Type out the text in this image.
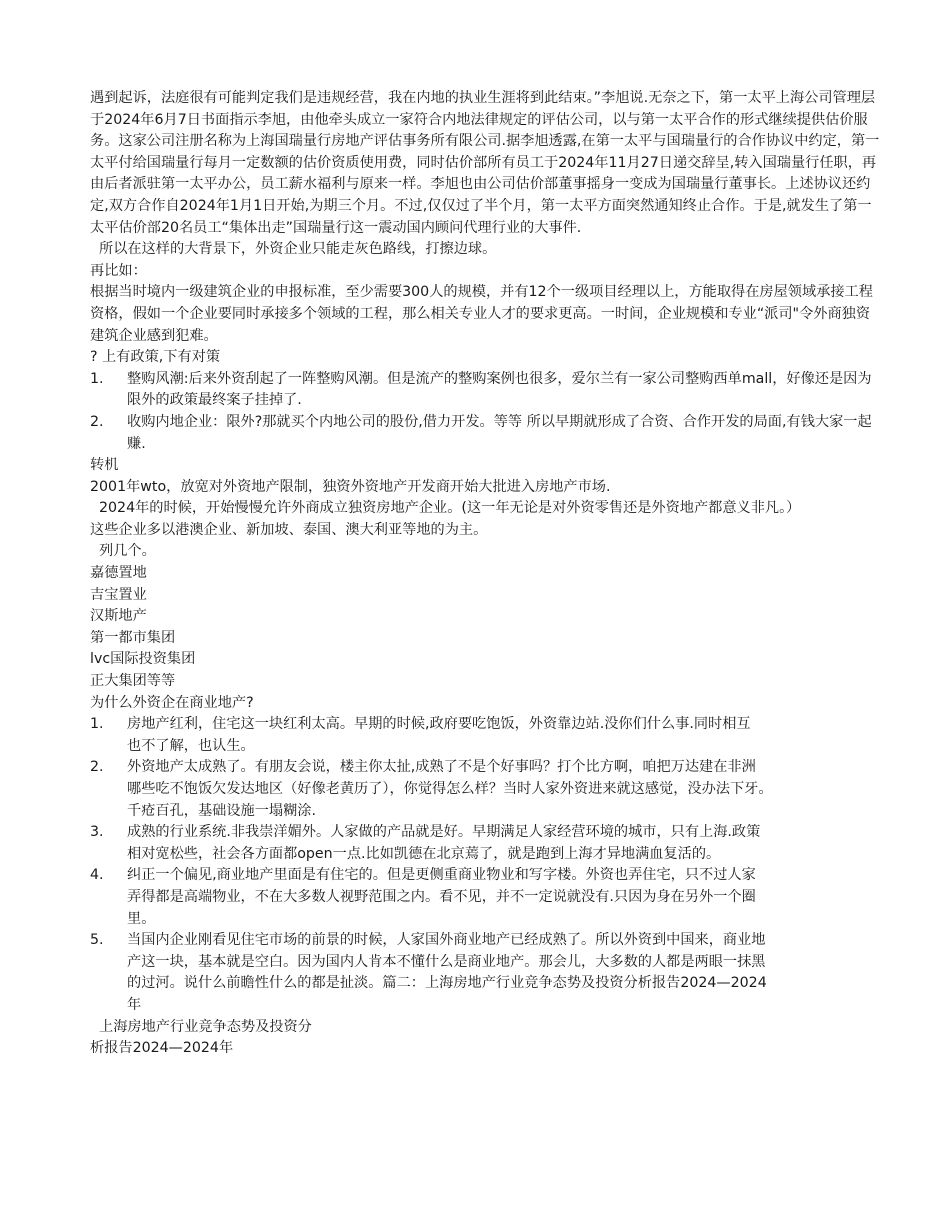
遇到起诉，法庭很有可能判定我们是违规经营，我在内地的执业生涯将到此结束。”李旭说.无奈之下，第一太平上海公司管理层于2024年6月7日书面指示李旭，由他牵头成立一家符合内地法律规定的评估公司，以与第一太平合作的形式继续提供估价服务。这家公司注册名称为上海国瑞量行房地产评估事务所有限公司.据李旭透露,在第一太平与国瑞量行的合作协议中约定，第一太平付给国瑞量行每月一定数额的估价资质使用费，同时估价部所有员工于2024年11月27日递交辞呈,转入国瑞量行任职，再由后者派驻第一太平办公，员工薪水福利与原来一样。李旭也由公司估价部董事摇身一变成为国瑞量行董事长。上述协议还约定,双方合作自2024年1月1日开始,为期三个月。不过,仅仅过了半个月，第一太平方面突然通知终止合作。于是,就发生了第一太平估价部20名员工“集体出走”国瑞量行这一震动国内顾问代理行业的大事件.

所以在这样的大背景下，外资企业只能走灰色路线，打擦边球。

再比如：

根据当时境内一级建筑企业的申报标准，至少需要300人的规模，并有12个一级项目经理以上，方能取得在房屋领域承接工程资格，假如一个企业要同时承接多个领域的工程，那么相关专业人才的要求更高。一时间，企业规模和专业“派司"令外商独资建筑企业感到犯难。

? 上有政策,下有对策

1.	整购风潮:后来外资刮起了一阵整购风潮。但是流产的整购案例也很多，爱尔兰有一家公司整购西单mall，好像还是因为限外的政策最终案子挂掉了.
2.	收购内地企业：限外?那就买个内地公司的股份,借力开发。等等 所以早期就形成了合资、合作开发的局面,有钱大家一起赚.

转机

2001年wto，放宽对外资地产限制，独资外资地产开发商开始大批进入房地产市场.

2024年的时候，开始慢慢允许外商成立独资房地产企业。(这一年无论是对外资零售还是外资地产都意义非凡。）

这些企业多以港澳企业、新加坡、泰国、澳大利亚等地的为主。

列几个。

嘉德置地

吉宝置业

汉斯地产

第一都市集团

lvc国际投资集团

正大集团等等

为什么外资企在商业地产?

1.	房地产红利，住宅这一块红利太高。早期的时候,政府要吃饱饭，外资靠边站.没你们什么事.同时相互
也不了解，也认生。
2.	外资地产太成熟了。有朋友会说，楼主你太扯,成熟了不是个好事吗？打个比方啊，咱把万达建在非洲
哪些吃不饱饭欠发达地区（好像老黄历了），你觉得怎么样？当时人家外资进来就这感觉，没办法下牙。
千疮百孔，基础设施一塌糊涂.
3.	成熟的行业系统.非我崇洋媚外。人家做的产品就是好。早期满足人家经营环境的城市，只有上海.政策
相对宽松些，社会各方面都open一点.比如凯德在北京蔫了，就是跑到上海才异地满血复活的。
4.	纠正一个偏见,商业地产里面是有住宅的。但是更侧重商业物业和写字楼。外资也弄住宅，只不过人家
弄得都是高端物业，不在大多数人视野范围之内。看不见，并不一定说就没有.只因为身在另外一个圈
里。
5.	当国内企业刚看见住宅市场的前景的时候，人家国外商业地产已经成熟了。所以外资到中国来，商业地
产这一块，基本就是空白。因为国内人肯本不懂什么是商业地产。那会儿，大多数的人都是两眼一抹黑
的过河。说什么前瞻性什么的都是扯淡。篇二：上海房地产行业竞争态势及投资分析报告2024—2024
年

上海房地产行业竞争态势及投资分

析报告2024—2024年
